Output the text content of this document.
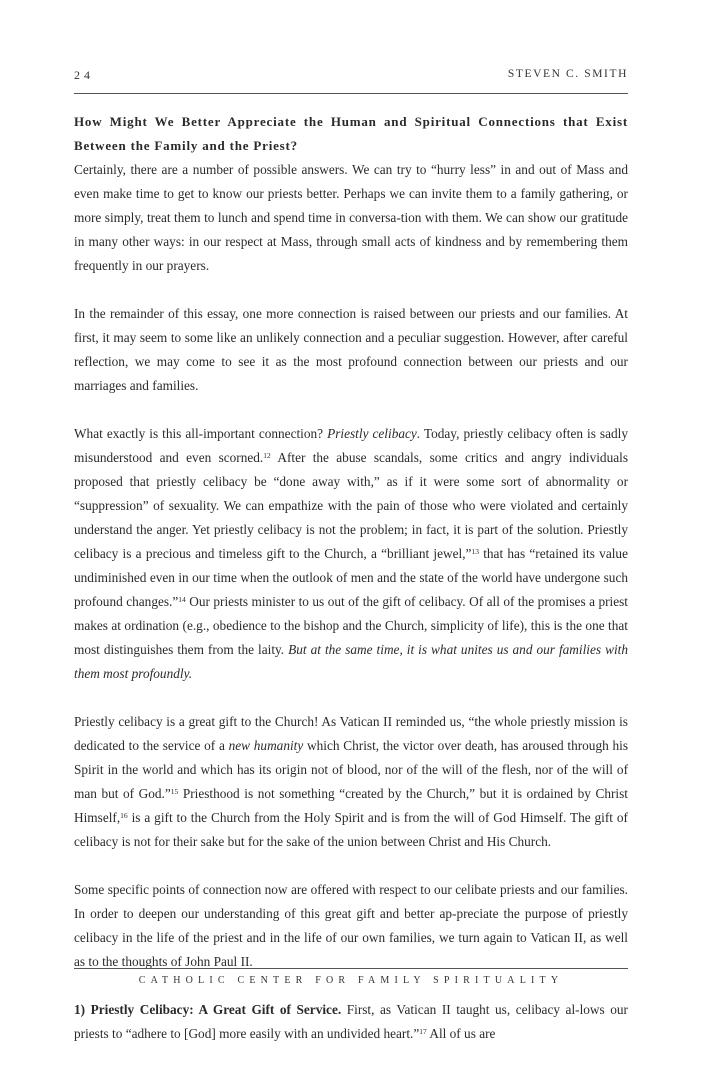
24	STEVEN C. SMITH
How Might We Better Appreciate the Human and Spiritual Connections that Exist Between the Family and the Priest?

Certainly, there are a number of possible answers. We can try to “hurry less” in and out of Mass and even make time to get to know our priests better. Perhaps we can invite them to a family gathering, or more simply, treat them to lunch and spend time in conversa-tion with them. We can show our gratitude in many other ways: in our respect at Mass, through small acts of kindness and by remembering them frequently in our prayers.

In the remainder of this essay, one more connection is raised between our priests and our families. At first, it may seem to some like an unlikely connection and a peculiar suggestion. However, after careful reflection, we may come to see it as the most profound connection between our priests and our marriages and families.

What exactly is this all-important connection? Priestly celibacy. Today, priestly celibacy often is sadly misunderstood and even scorned.$^{12}$ After the abuse scandals, some critics and angry individuals proposed that priestly celibacy be “done away with,” as if it were some sort of abnormality or “suppression” of sexuality. We can empathize with the pain of those who were violated and certainly understand the anger. Yet priestly celibacy is not the problem; in fact, it is part of the solution. Priestly celibacy is a precious and timeless gift to the Church, a “brilliant jewel,”$^{13}$ that has “retained its value undiminished even in our time when the outlook of men and the state of the world have undergone such profound changes.”$^{14}$ Our priests minister to us out of the gift of celibacy. Of all of the promises a priest makes at ordination (e.g., obedience to the bishop and the Church, simplicity of life), this is the one that most distinguishes them from the laity. But at the same time, it is what unites us and our families with them most profoundly.

Priestly celibacy is a great gift to the Church! As Vatican II reminded us, “the whole priestly mission is dedicated to the service of a new humanity which Christ, the victor over death, has aroused through his Spirit in the world and which has its origin not of blood, nor of the will of the flesh, nor of the will of man but of God.”$^{15}$ Priesthood is not something “created by the Church,” but it is ordained by Christ Himself,$^{16}$ is a gift to the Church from the Holy Spirit and is from the will of God Himself. The gift of celibacy is not for their sake but for the sake of the union between Christ and His Church.

Some specific points of connection now are offered with respect to our celibate priests and our families. In order to deepen our understanding of this great gift and better ap-preciate the purpose of priestly celibacy in the life of the priest and in the life of our own families, we turn again to Vatican II, as well as to the thoughts of John Paul II.

1) Priestly Celibacy: A Great Gift of Service. First, as Vatican II taught us, celibacy al-lows our priests to “adhere to [God] more easily with an undivided heart.”$^{17}$ All of us are

CATHOLIC CENTER FOR FAMILY SPIRITUALITY
